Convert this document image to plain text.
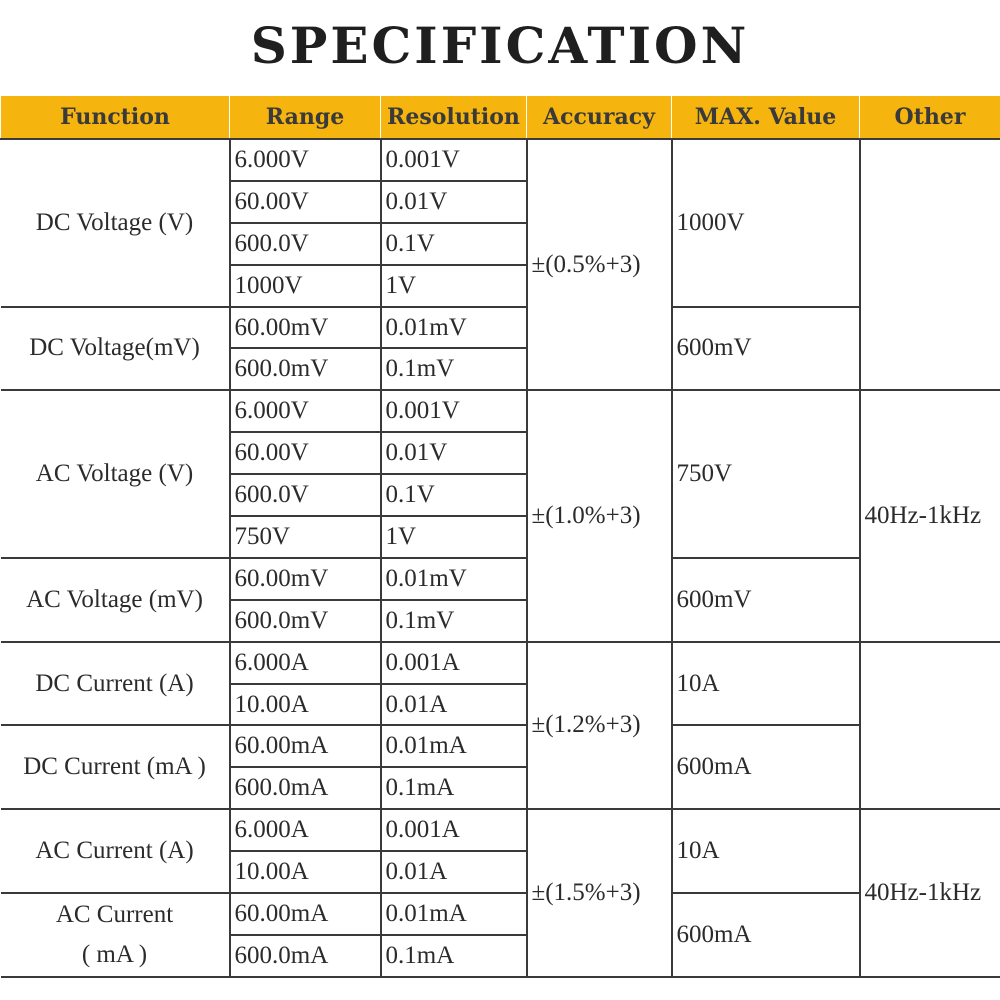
SPECIFICATION
Function	Range	Resolution	Accuracy	MAX. Value	Other
DC Voltage (V)	6.000V	0.001V	±(0.5%+3)	1000V	
	60.00V	0.01V			
	600.0V	0.1V			
	1000V	1V			
DC Voltage(mV)	60.00mV	0.01mV		600mV	
	600.0mV	0.1mV			
AC Voltage (V)	6.000V	0.001V	±(1.0%+3)	750V	40Hz-1kHz
	60.00V	0.01V			
	600.0V	0.1V			
	750V	1V			
AC Voltage (mV)	60.00mV	0.01mV		600mV	
	600.0mV	0.1mV			
DC Current (A)	6.000A	0.001A	±(1.2%+3)	10A	
	10.00A	0.01A			
DC Current (mA )	60.00mA	0.01mA		600mA	
	600.0mA	0.1mA			
AC Current (A)	6.000A	0.001A	±(1.5%+3)	10A	40Hz-1kHz
	10.00A	0.01A			
AC Current
( mA )	60.00mA	0.01mA		600mA	
	600.0mA	0.1mA			
